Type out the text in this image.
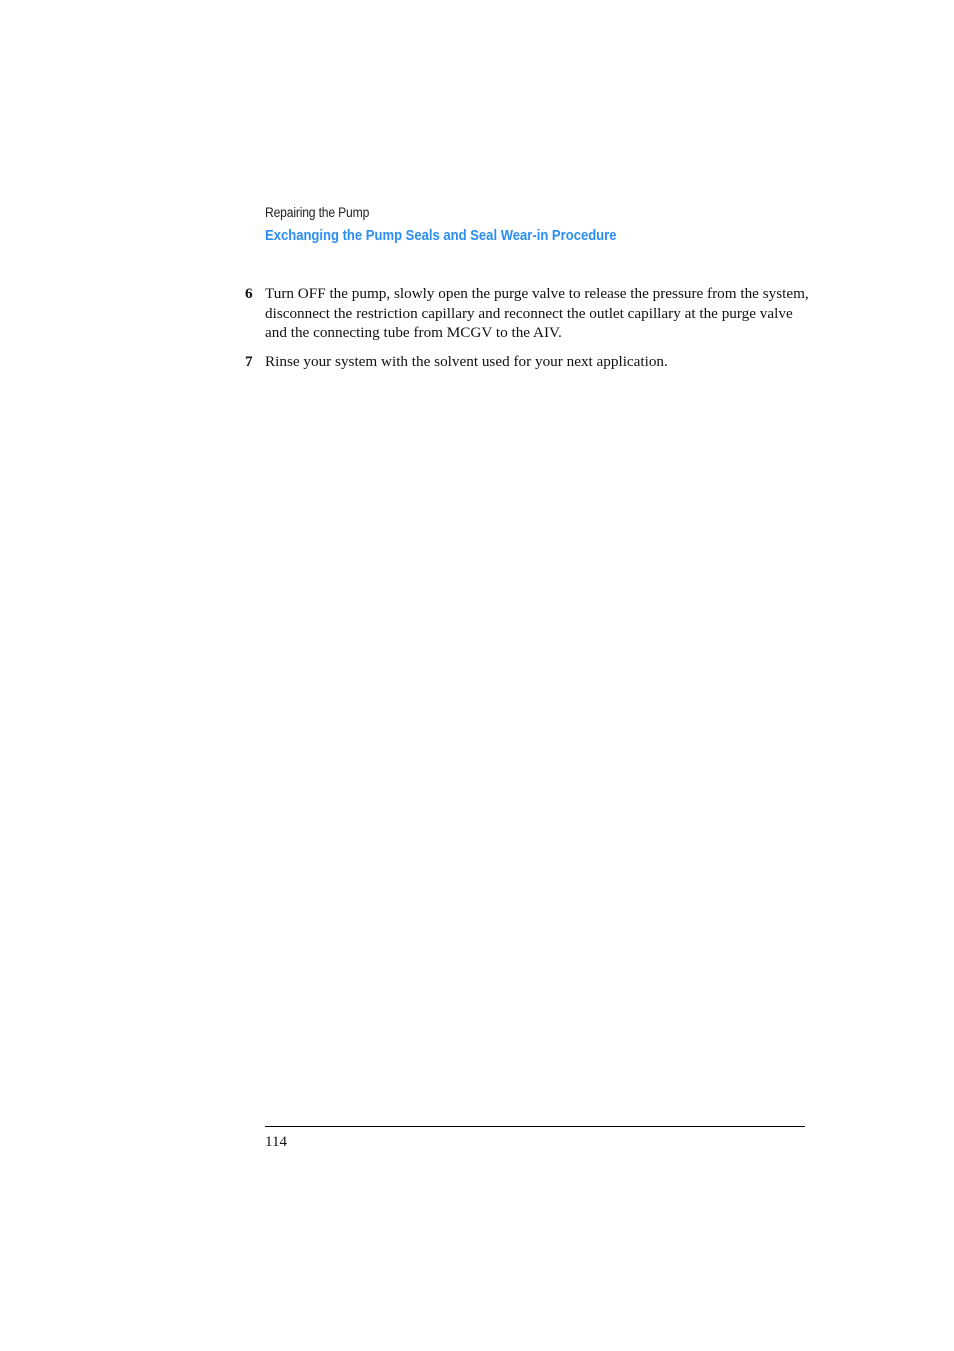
Repairing the Pump
Exchanging the Pump Seals and Seal Wear-in Procedure
6 Turn OFF the pump, slowly open the purge valve to release the pressure from the system, disconnect the restriction capillary and reconnect the outlet capillary at the purge valve and the connecting tube from MCGV to the AIV.
7 Rinse your system with the solvent used for your next application.
114
